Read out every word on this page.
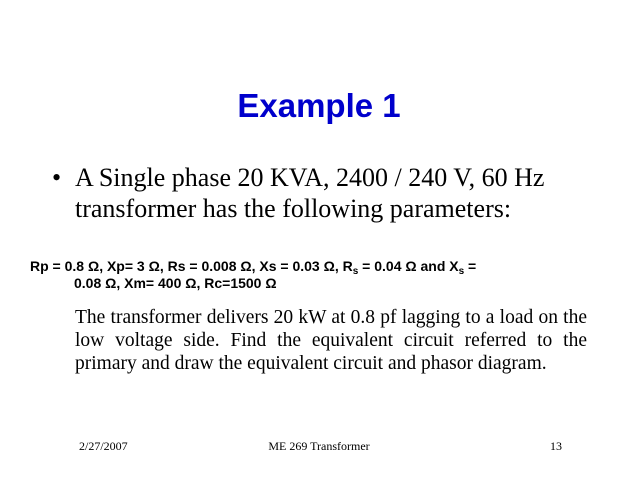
Example 1
• A Single phase 20 KVA, 2400 / 240 V, 60 Hz transformer has the following parameters:
Rp = 0.8 Ω, Xp= 3 Ω, Rs = 0.008 Ω, Xs = 0.03 Ω, $R_s = 0.04$ Ω and $X_s$ =
0.08 Ω, Xm= 400 Ω, Rc=1500 Ω
The transformer delivers 20 kW at 0.8 pf lagging to a load on the low voltage side. Find the equivalent circuit referred to the primary and draw the equivalent circuit and phasor diagram.
2/27/2007	ME 269 Transformer	13
